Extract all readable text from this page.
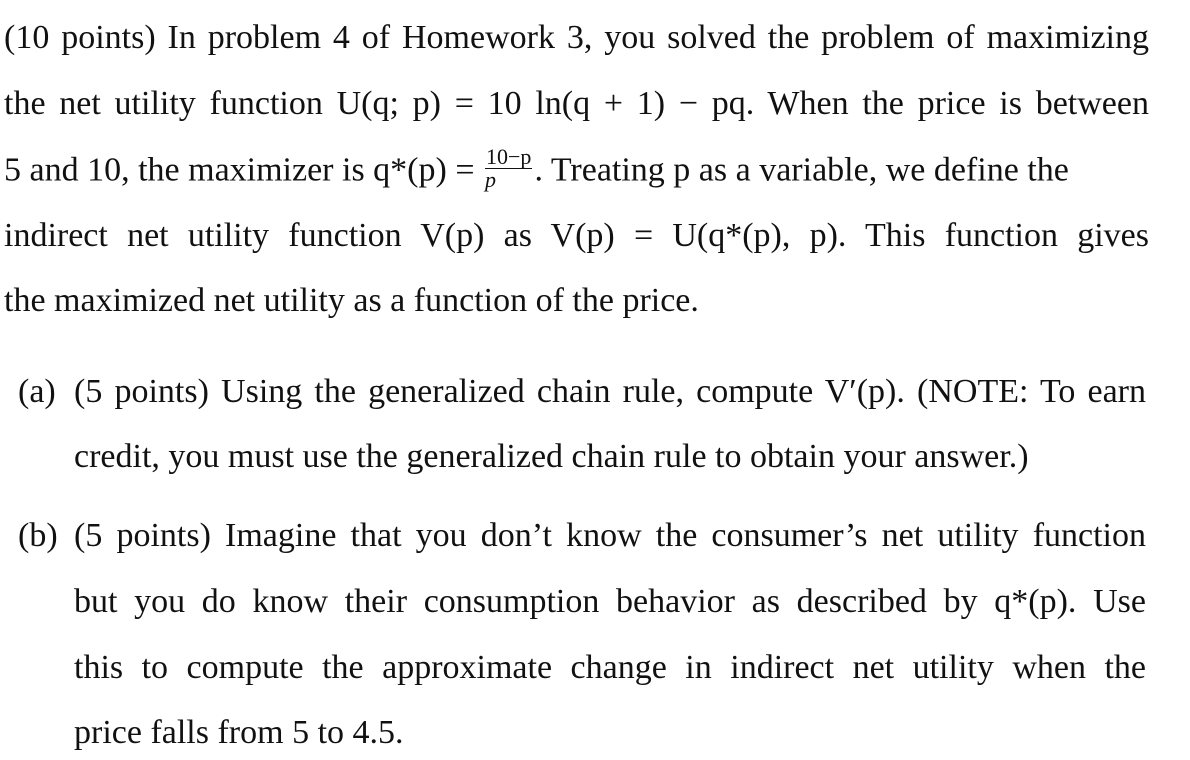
(10 points) In problem 4 of Homework 3, you solved the problem of maximizing
the net utility function U(q; p) = 10 ln(q + 1) − pq. When the price is between
5 and 10, the maximizer is $q*(p) = \frac{10-p}{p}$ . Treating p as a variable, we define the
indirect net utility function V(p) as V(p) = U(q*(p), p). This function gives
the maximized net utility as a function of the price.
(a) (5 points) Using the generalized chain rule, compute V′(p). (NOTE: To earn
credit, you must use the generalized chain rule to obtain your answer.)
(b) (5 points) Imagine that you don’t know the consumer’s net utility function
but you do know their consumption behavior as described by q*(p). Use
this to compute the approximate change in indirect net utility when the
price falls from 5 to 4.5.
